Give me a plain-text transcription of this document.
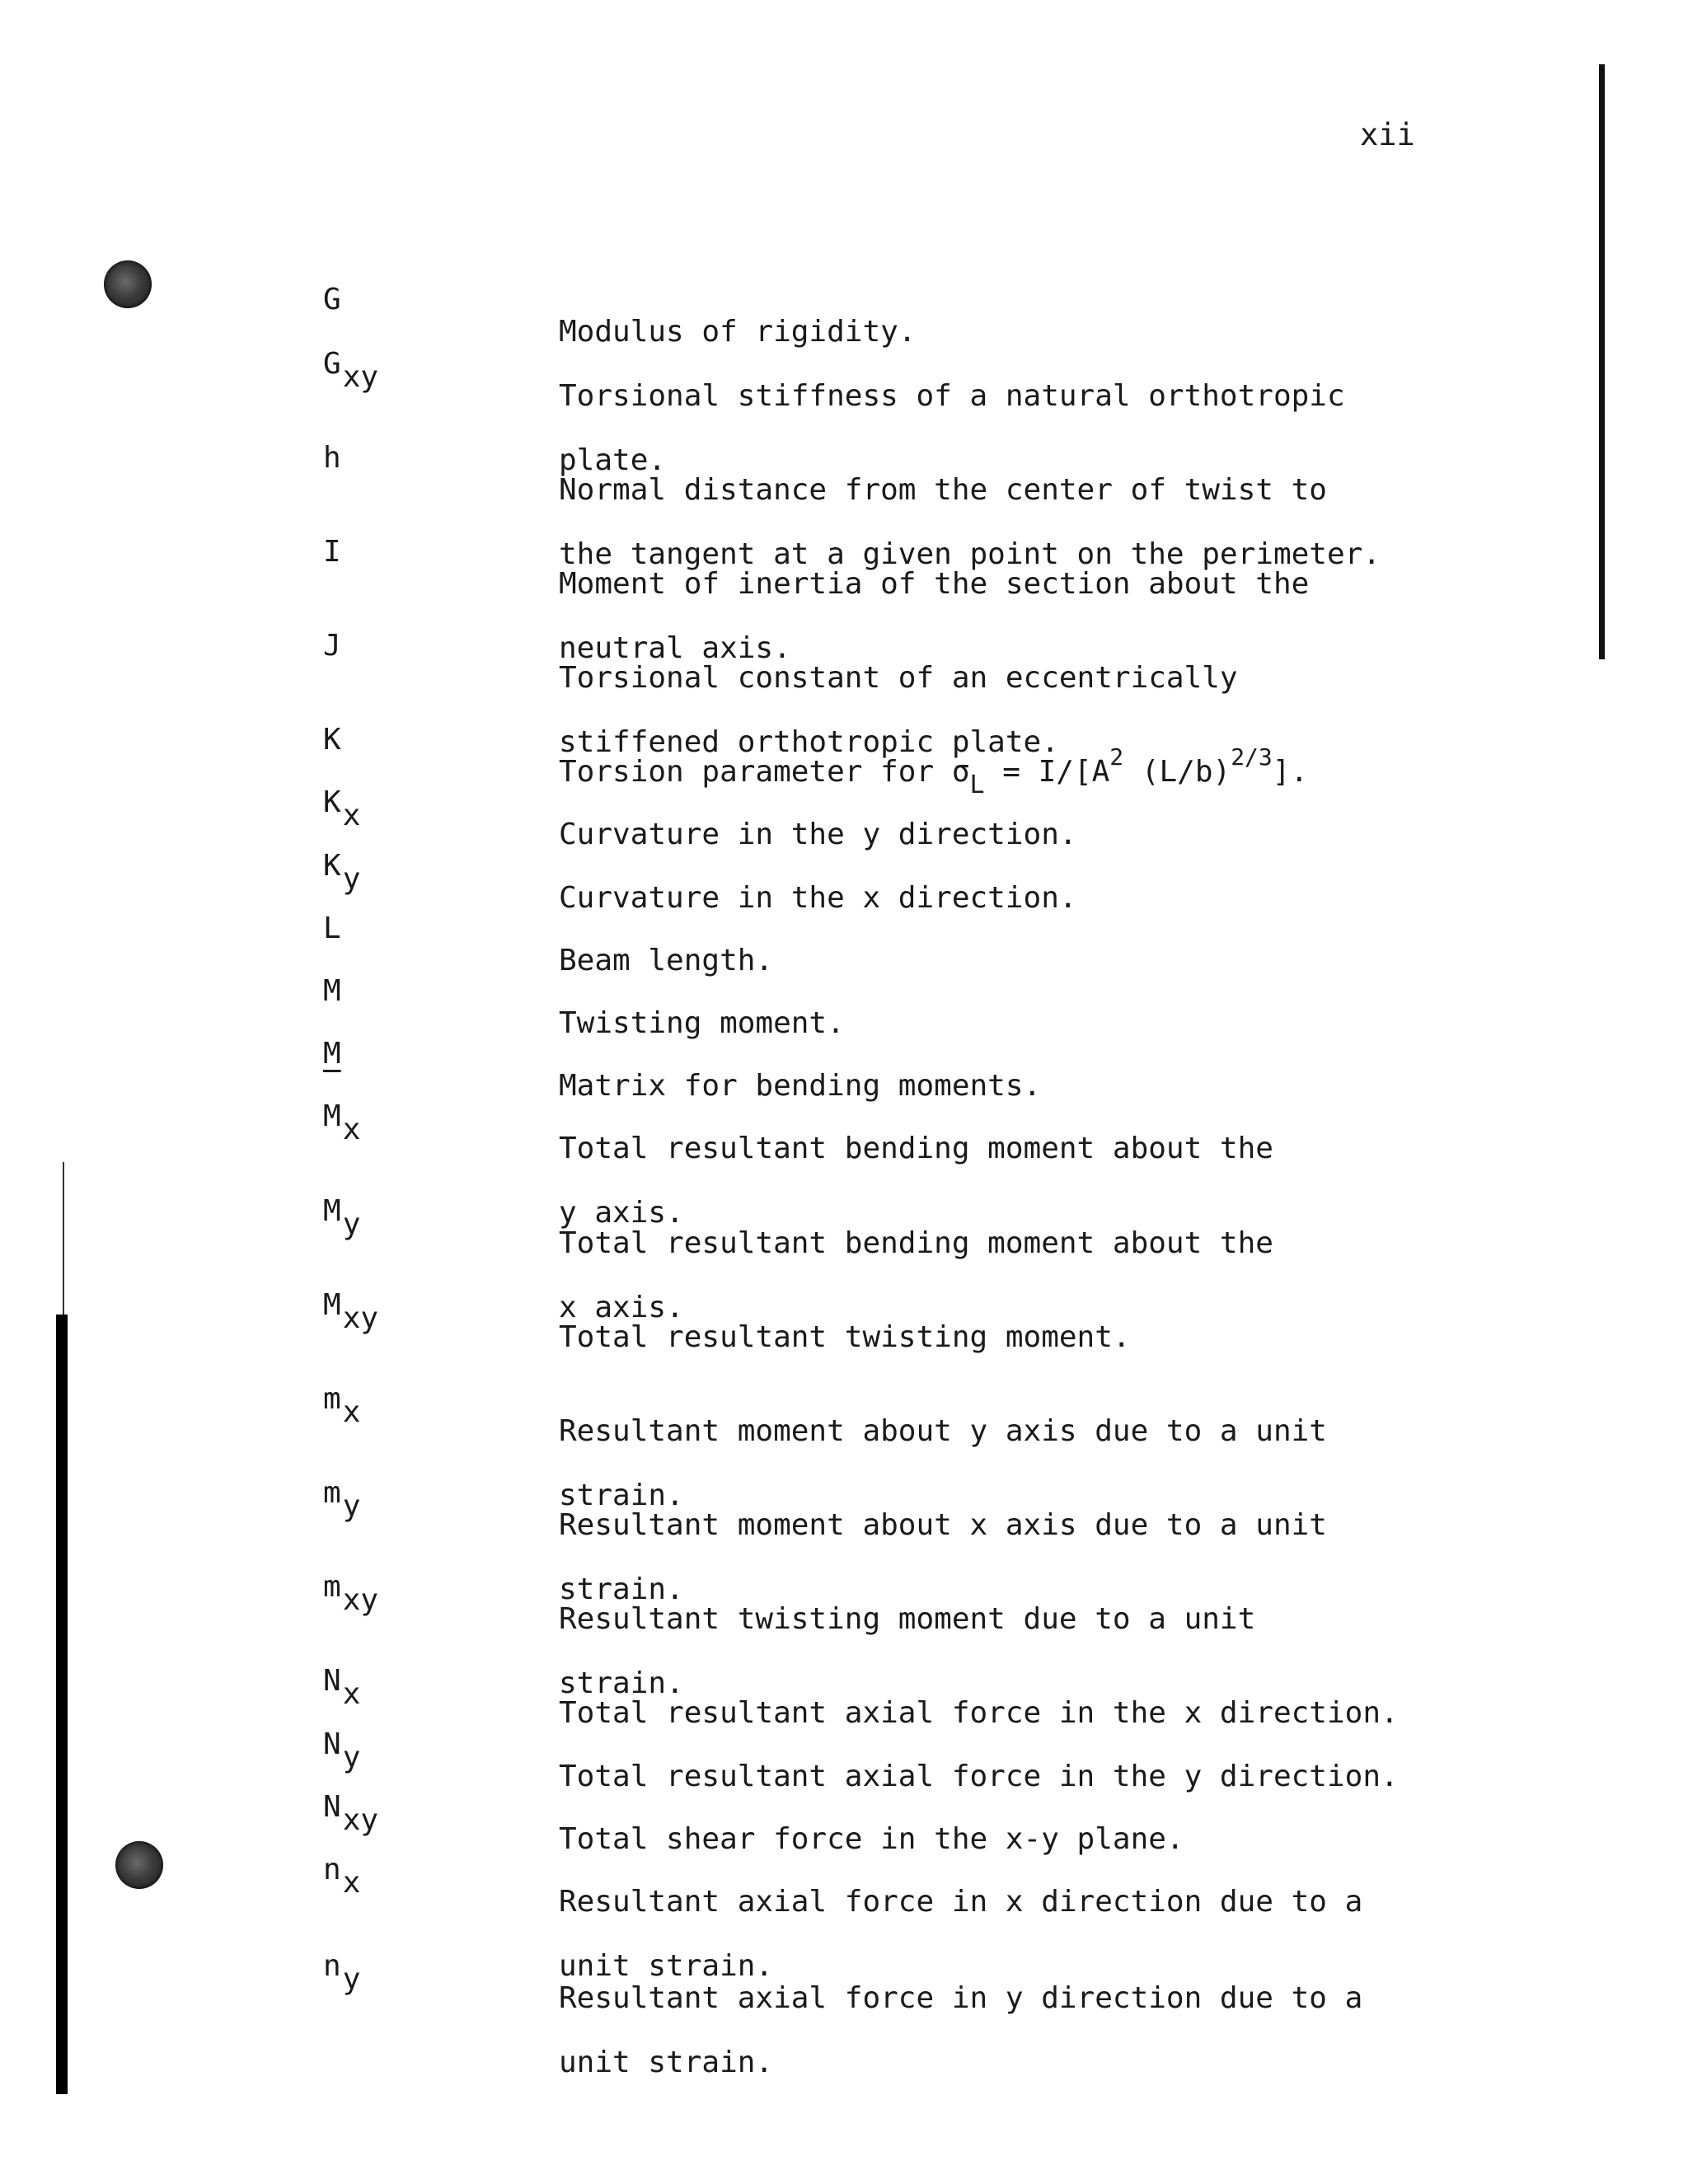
xii
G

Modulus of rigidity.

Gxy

Torsional stiffness of a natural orthotropic

plate.

h

Normal distance from the center of twist to

the tangent at a given point on the perimeter.

I

Moment of inertia of the section about the

neutral axis.

J

Torsional constant of an eccentrically

stiffened orthotropic plate.

K

Torsion parameter for $\sigma_L = I/[A^2$ $(L/b)^{2/3}$].

Kx

Curvature in the y direction.

Ky

Curvature in the x direction.

L

Beam length.

M

Twisting moment.

M

Matrix for bending moments.

Mx

Total resultant bending moment about the

y axis.

My

Total resultant bending moment about the

x axis.

Mxy

Total resultant twisting moment.

mx

Resultant moment about y axis due to a unit

strain.

my

Resultant moment about x axis due to a unit

strain.

mxy

Resultant twisting moment due to a unit

strain.

Nx

Total resultant axial force in the x direction.

Ny

Total resultant axial force in the y direction.

Nxy

Total shear force in the x-y plane.

nx

Resultant axial force in x direction due to a

unit strain.

ny

Resultant axial force in y direction due to a

unit strain.
